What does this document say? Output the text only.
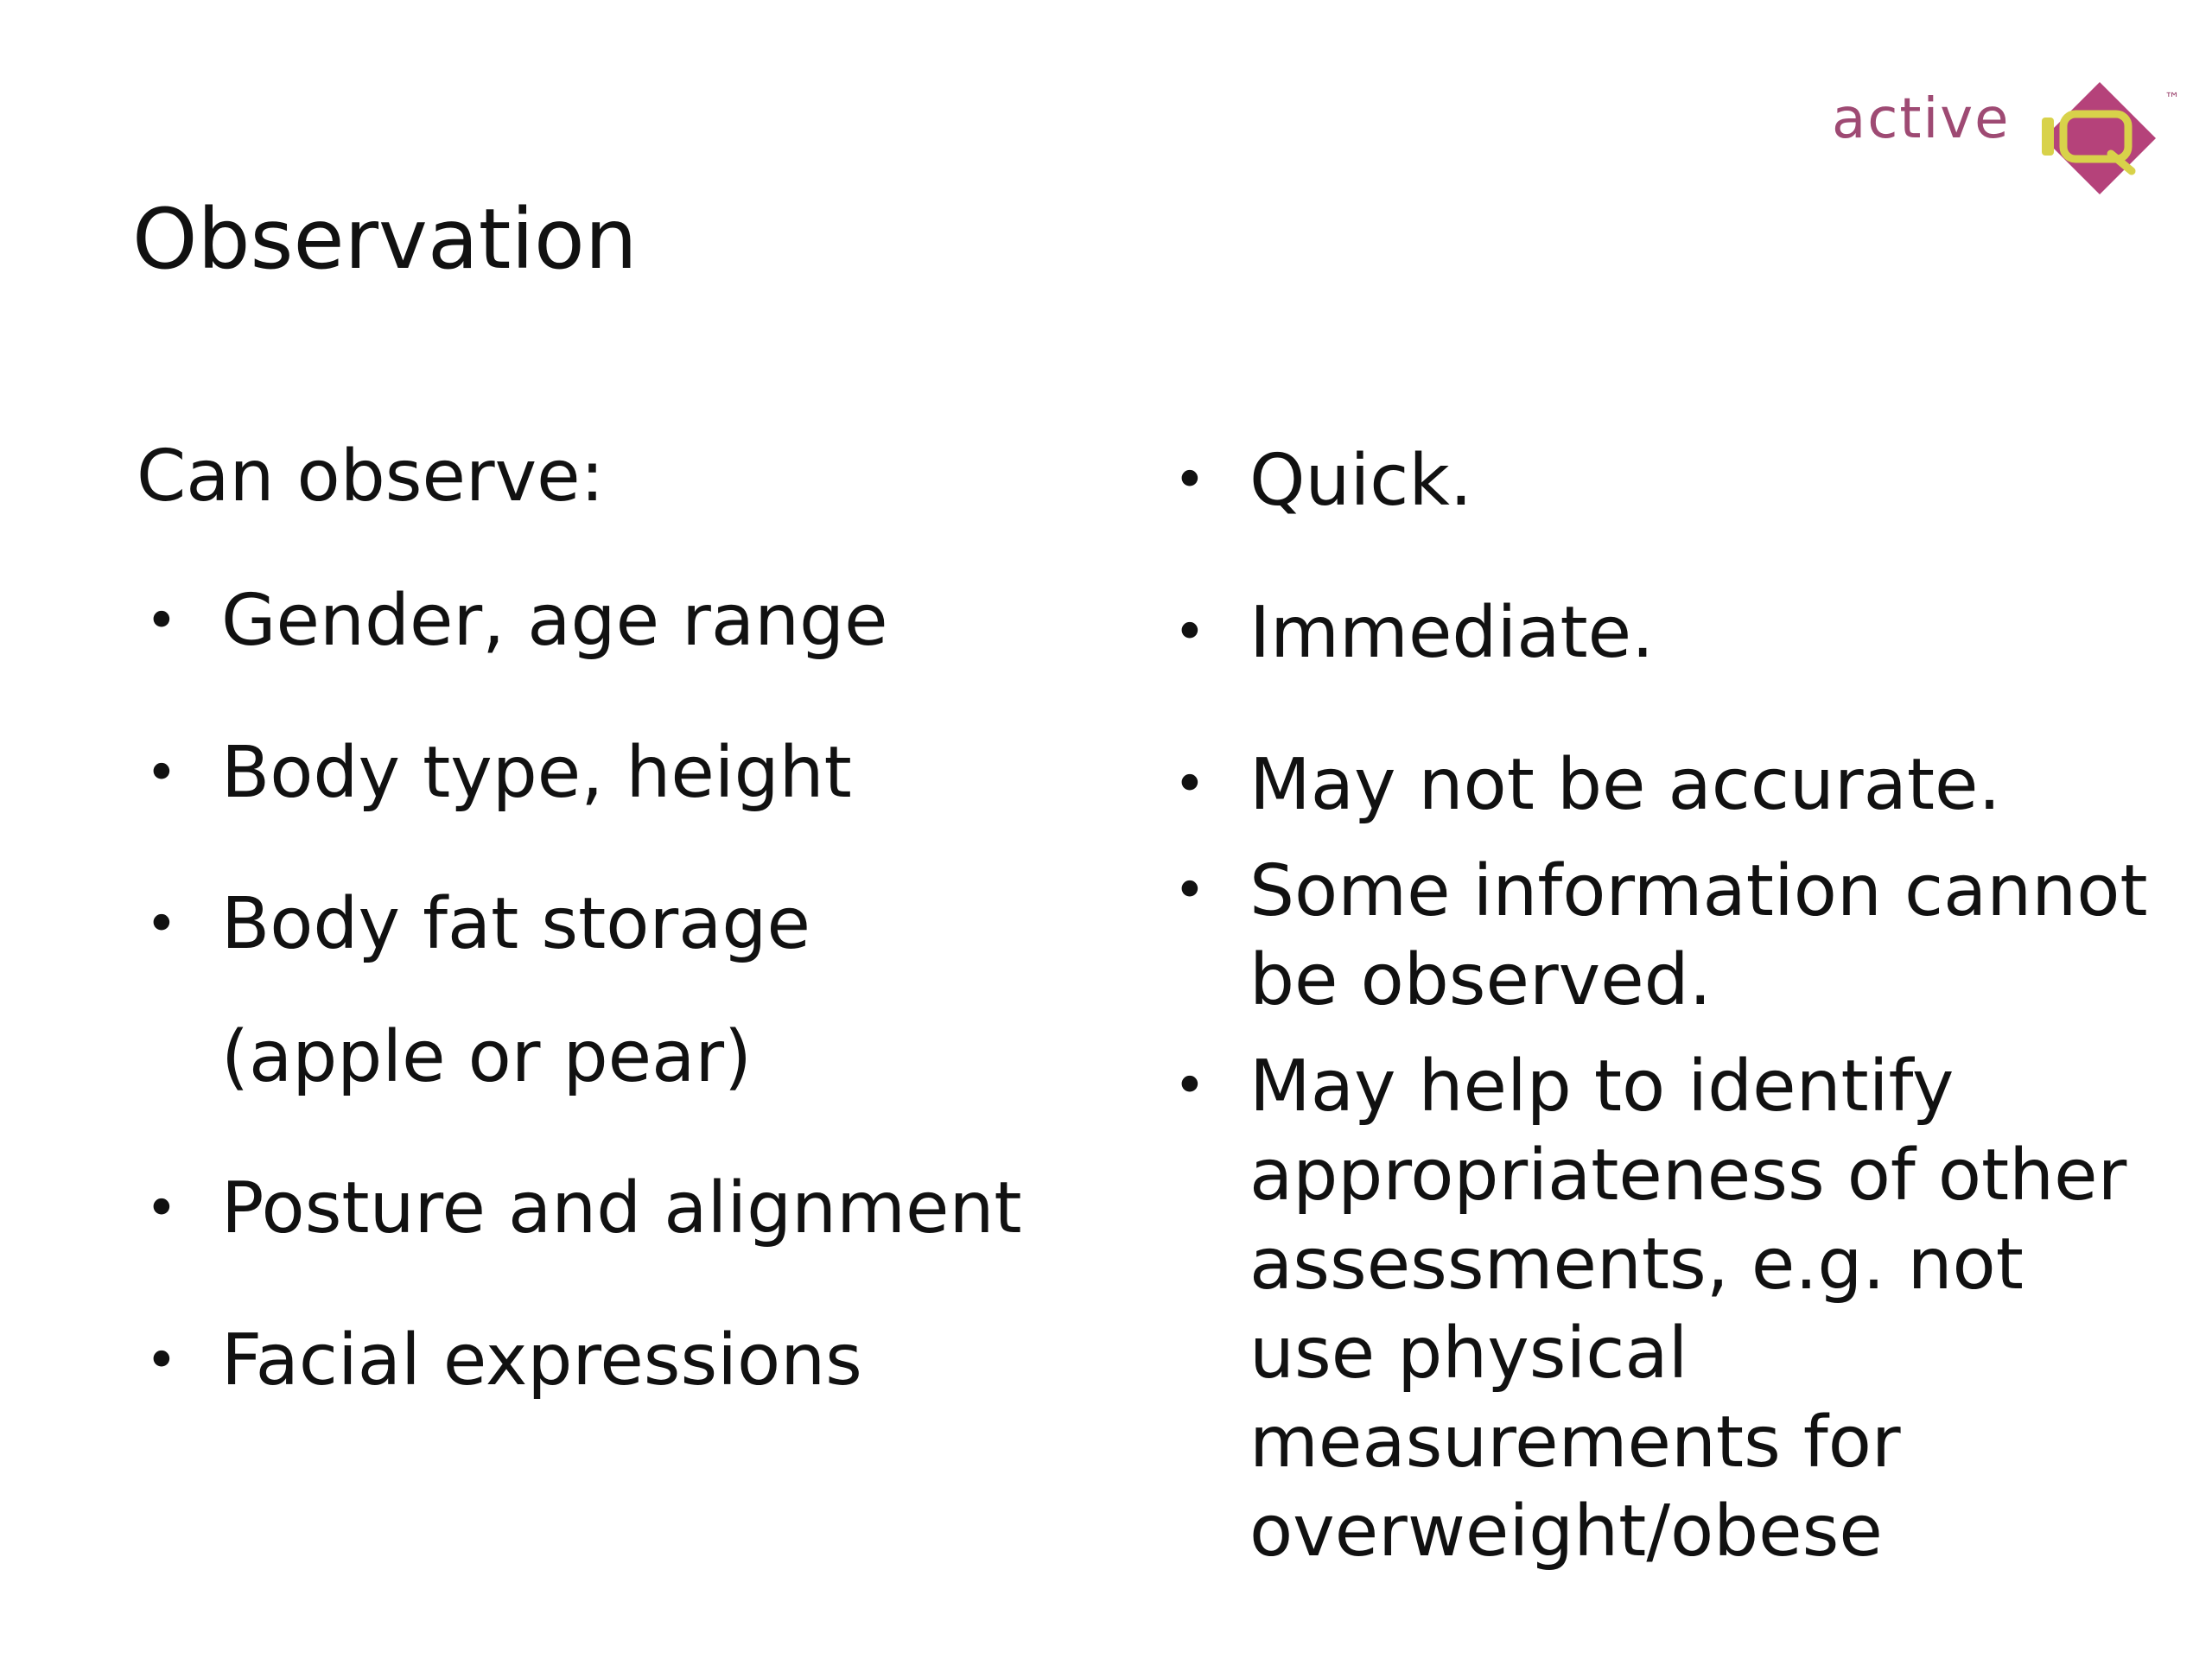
active	™
Observation

Can observe:

• Gender, age range
• Body type, height
• Body fat storage
(apple or pear)
• Posture and alignment
• Facial expressions
• Quick.
• Immediate.
• May not be accurate.
• Some information cannot be observed.
• May help to identify appropriateness of other assessments, e.g. not use physical measurements for overweight/obese
